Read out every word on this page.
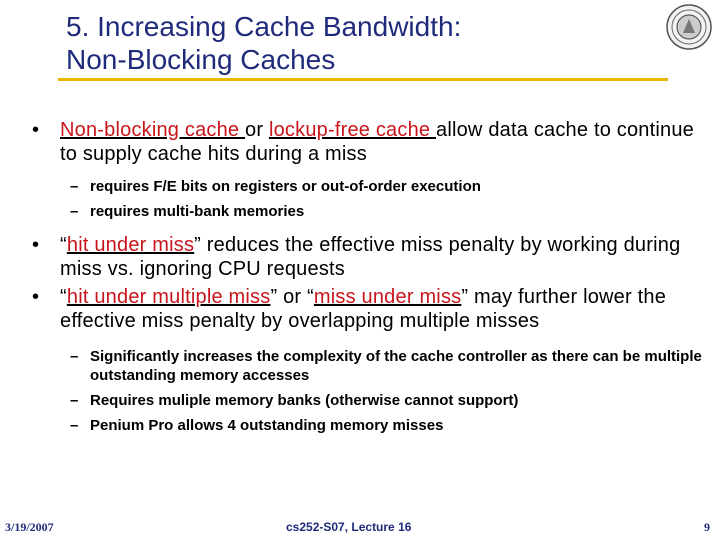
5. Increasing Cache Bandwidth:
Non-Blocking Caches
• Non-blocking cache or lockup-free cache allow data cache to continue to supply cache hits during a miss
– requires F/E bits on registers or out-of-order execution
– requires multi-bank memories
• “hit under miss” reduces the effective miss penalty by working during miss vs. ignoring CPU requests
• “hit under multiple miss” or “miss under miss” may further lower the effective miss penalty by overlapping multiple misses
– Significantly increases the complexity of the cache controller as there can be multiple outstanding memory accesses
– Requires muliple memory banks (otherwise cannot support)
– Penium Pro allows 4 outstanding memory misses
3/19/2007	cs252-S07, Lecture 16	9
